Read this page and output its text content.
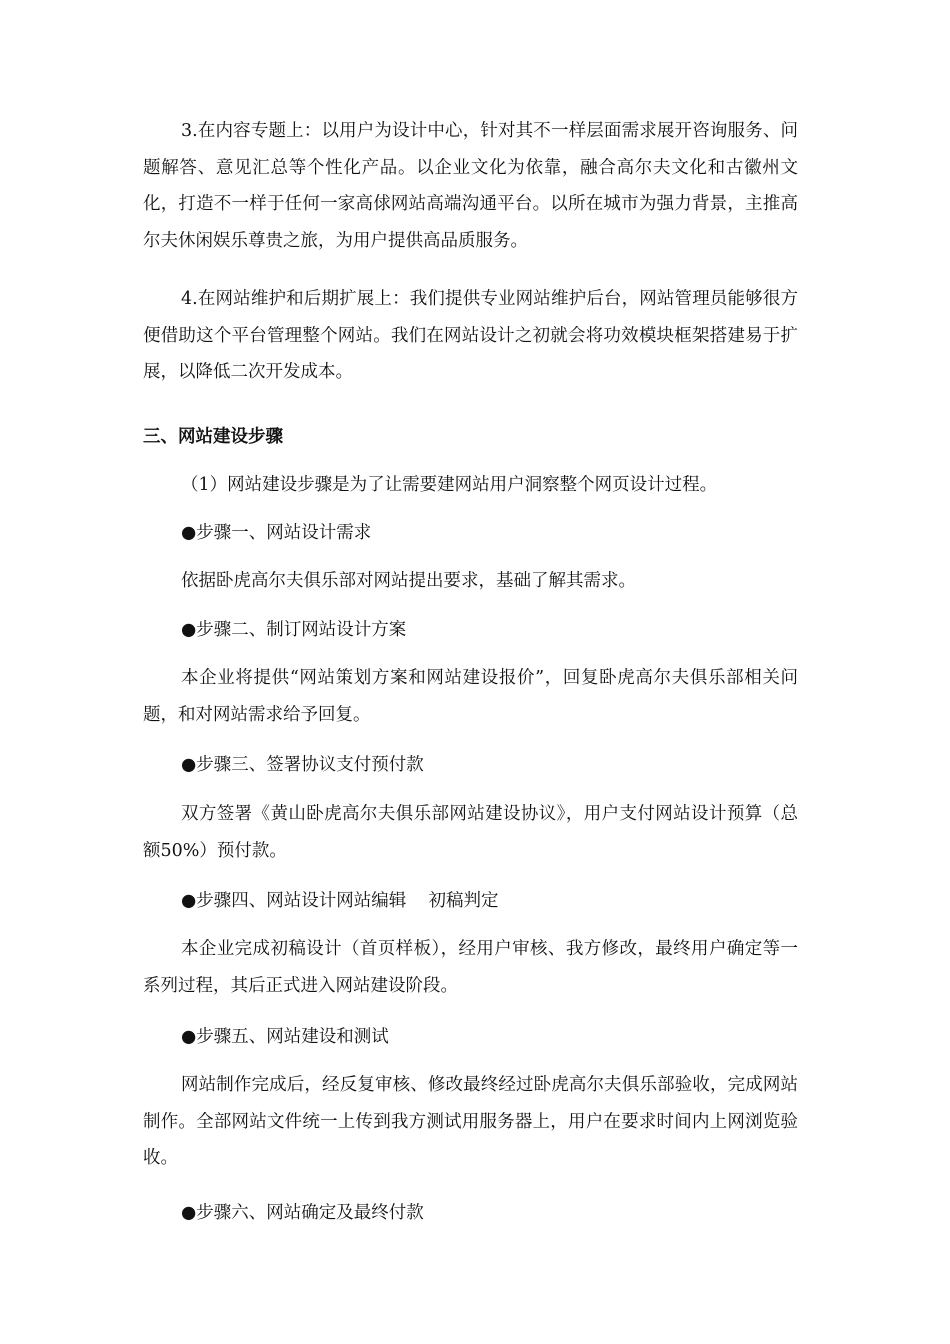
3.在内容专题上：以用户为设计中心，针对其不一样层面需求展开咨询服务、问题解答、意见汇总等个性化产品。以企业文化为依靠，融合高尔夫文化和古徽州文化，打造不一样于任何一家高俅网站高端沟通平台。以所在城市为强力背景，主推高尔夫休闲娱乐尊贵之旅，为用户提供高品质服务。

4.在网站维护和后期扩展上：我们提供专业网站维护后台，网站管理员能够很方便借助这个平台管理整个网站。我们在网站设计之初就会将功效模块框架搭建易于扩展，以降低二次开发成本。

三、网站建设步骤

（1）网站建设步骤是为了让需要建网站用户洞察整个网页设计过程。

●步骤一、网站设计需求

依据卧虎高尔夫俱乐部对网站提出要求，基础了解其需求。

●步骤二、制订网站设计方案

本企业将提供“网站策划方案和网站建设报价”，回复卧虎高尔夫俱乐部相关问题，和对网站需求给予回复。

●步骤三、签署协议支付预付款

双方签署《黄山卧虎高尔夫俱乐部网站建设协议》，用户支付网站设计预算（总额50%）预付款。

●步骤四、网站设计网站编辑    初稿判定

本企业完成初稿设计（首页样板），经用户审核、我方修改，最终用户确定等一系列过程，其后正式进入网站建设阶段。

●步骤五、网站建设和测试

网站制作完成后，经反复审核、修改最终经过卧虎高尔夫俱乐部验收，完成网站制作。全部网站文件统一上传到我方测试用服务器上，用户在要求时间内上网浏览验收。

●步骤六、网站确定及最终付款
